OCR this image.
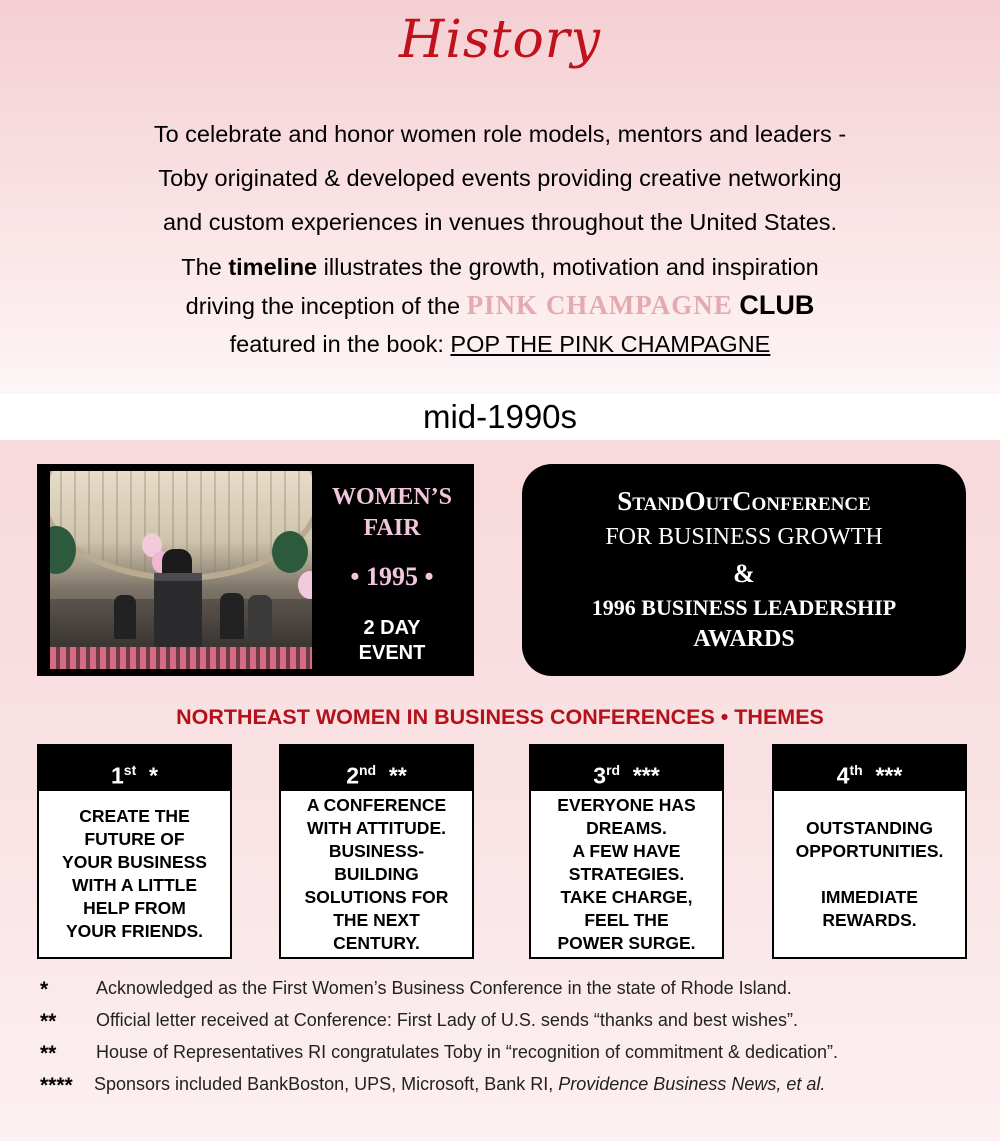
History
To celebrate and honor women role models, mentors and leaders -
Toby originated & developed events providing creative networking
and custom experiences in venues throughout the United States.
The timeline illustrates the growth, motivation and inspiration
driving the inception of the PINK CHAMPAGNE CLUB
featured in the book: POP THE PINK CHAMPAGNE
mid-1990s
WOMEN’S
FAIR
• 1995 •
2 DAY
EVENT
StandOutConference
FOR BUSINESS GROWTH
&
1996 BUSINESS LEADERSHIP
AWARDS
NORTHEAST WOMEN IN BUSINESS CONFERENCES • THEMES
1st *
CREATE THE
FUTURE OF
YOUR BUSINESS
WITH A LITTLE
HELP FROM
YOUR FRIENDS.
2nd **
A CONFERENCE
WITH ATTITUDE.
BUSINESS-
BUILDING
SOLUTIONS FOR
THE NEXT
CENTURY.
3rd ***
EVERYONE HAS
DREAMS.
A FEW HAVE
STRATEGIES.
TAKE CHARGE,
FEEL THE
POWER SURGE.
4th ***
OUTSTANDING
OPPORTUNITIES.
IMMEDIATE
REWARDS.
*	Acknowledged as the First Women’s Business Conference in the state of Rhode Island.
** Official letter received at Conference: First Lady of U.S. sends “thanks and best wishes”.
** House of Representatives RI congratulates Toby in “recognition of commitment & dedication”.
**** Sponsors included BankBoston, UPS, Microsoft, Bank RI, Providence Business News, et al.
